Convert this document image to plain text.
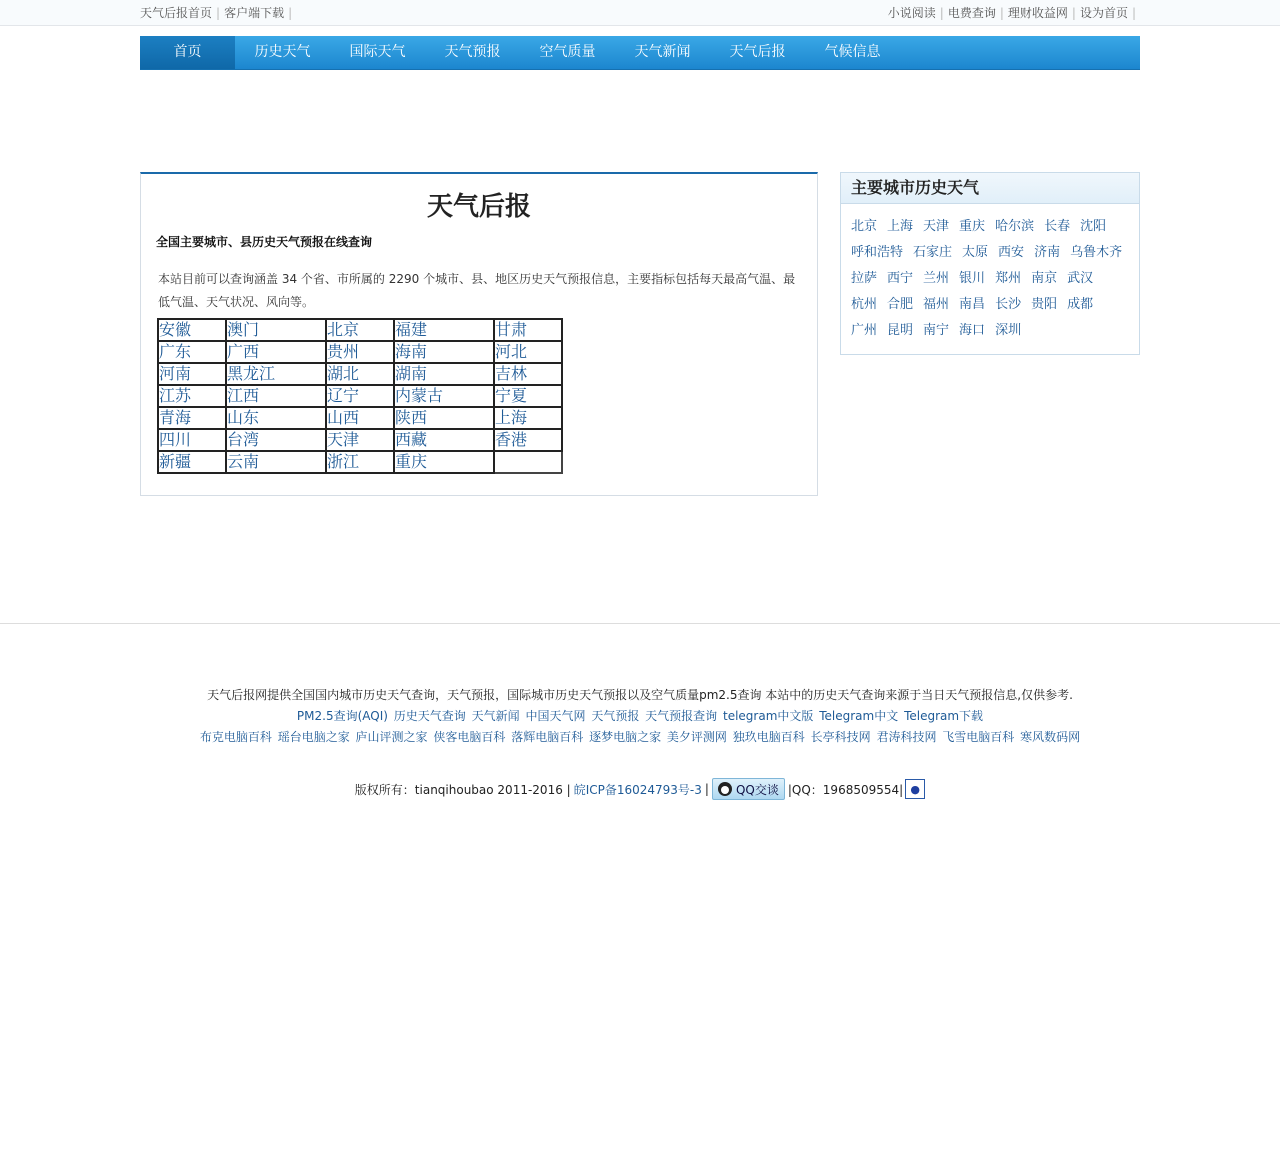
天气后报首页 | 客户端下载 |	小说阅读 | 电费查询 | 理财收益网 | 设为首页 |
首页	历史天气	国际天气	天气预报	空气质量	天气新闻	天气后报	气候信息
天气后报
全国主要城市、县历史天气预报在线查询
本站目前可以查询涵盖 34 个省、市所属的 2290 个城市、县、地区历史天气预报信息，主要指标包括每天最高气温、最低气温、天气状况、风向等。
安徽	澳门	北京	福建	甘肃
广东	广西	贵州	海南	河北
河南	黑龙江	湖北	湖南	吉林
江苏	江西	辽宁	内蒙古	宁夏
青海	山东	山西	陕西	上海
四川	台湾	天津	西藏	香港
新疆	云南	浙江	重庆	
主要城市历史天气
北京 上海 天津 重庆 哈尔滨 长春 沈阳
呼和浩特 石家庄 太原 西安 济南 乌鲁木齐
拉萨 西宁 兰州 银川 郑州 南京 武汉
杭州 合肥 福州 南昌 长沙 贵阳 成都
广州 昆明 南宁 海口 深圳
天气后报网提供全国国内城市历史天气查询，天气预报，国际城市历史天气预报以及空气质量pm2.5查询 本站中的历史天气查询来源于当日天气预报信息,仅供参考.
PM2.5查询(AQI) 历史天气查询 天气新闻 中国天气网 天气预报 天气预报查询 telegram中文版 Telegram中文 Telegram下载
布克电脑百科 瑶台电脑之家 庐山评测之家 侠客电脑百科 落辉电脑百科 逐梦电脑之家 美夕评测网 独玖电脑百科 长亭科技网 君涛科技网 飞雪电脑百科 寒风数码网
版权所有：tianqihoubao 2011-2016 | 皖ICP备16024793号-3 | QQ交谈 |QQ：1968509554| ●
